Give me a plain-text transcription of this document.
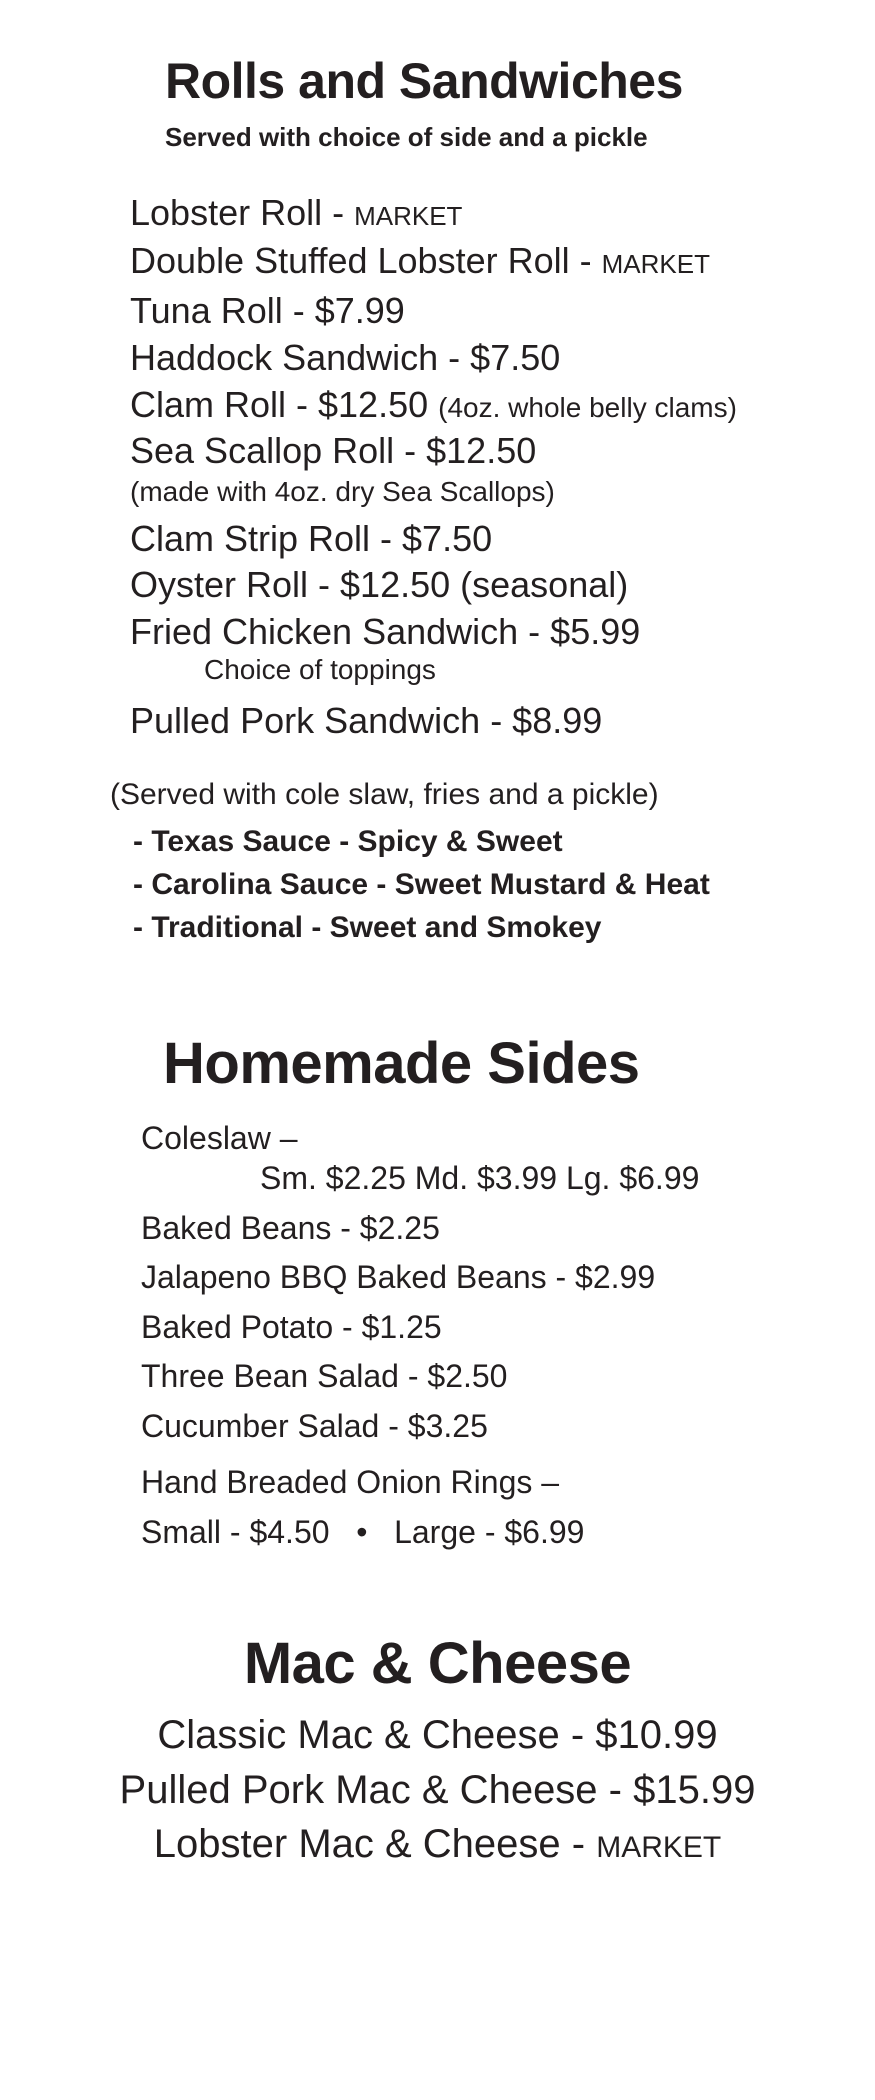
Rolls and Sandwiches
Served with choice of side and a pickle
Lobster Roll - MARKET
Double Stuffed Lobster Roll - MARKET
Tuna Roll - $7.99
Haddock Sandwich - $7.50
Clam Roll - $12.50 (4oz. whole belly clams)
Sea Scallop Roll - $12.50
(made with 4oz. dry Sea Scallops)
Clam Strip Roll - $7.50
Oyster Roll - $12.50 (seasonal)
Fried Chicken Sandwich - $5.99
Choice of toppings
Pulled Pork Sandwich - $8.99
(Served with cole slaw, fries and a pickle)
- Texas Sauce - Spicy & Sweet
- Carolina Sauce - Sweet Mustard & Heat
- Traditional - Sweet and Smokey
Homemade Sides
Coleslaw –
Sm. $2.25 Md. $3.99 Lg. $6.99
Baked Beans - $2.25
Jalapeno BBQ Baked Beans - $2.99
Baked Potato - $1.25
Three Bean Salad - $2.50
Cucumber Salad - $3.25
Hand Breaded Onion Rings –
Small - $4.50   •   Large - $6.99
Mac & Cheese
Classic Mac & Cheese - $10.99
Pulled Pork Mac & Cheese - $15.99
Lobster Mac & Cheese - MARKET
